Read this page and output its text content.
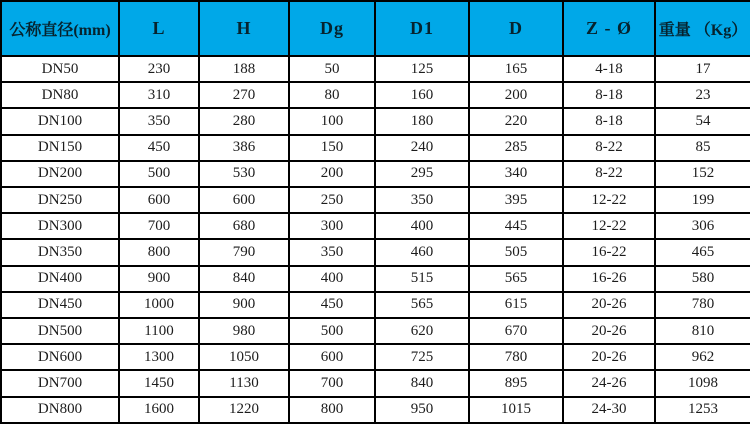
公称直径(mm)	L	H	Dg	D1	D	Z - Ø	重量 （Kg）
DN50	230	188	50	125	165	4-18	17
DN80	310	270	80	160	200	8-18	23
DN100	350	280	100	180	220	8-18	54
DN150	450	386	150	240	285	8-22	85
DN200	500	530	200	295	340	8-22	152
DN250	600	600	250	350	395	12-22	199
DN300	700	680	300	400	445	12-22	306
DN350	800	790	350	460	505	16-22	465
DN400	900	840	400	515	565	16-26	580
DN450	1000	900	450	565	615	20-26	780
DN500	1100	980	500	620	670	20-26	810
DN600	1300	1050	600	725	780	20-26	962
DN700	1450	1130	700	840	895	24-26	1098
DN800	1600	1220	800	950	1015	24-30	1253
